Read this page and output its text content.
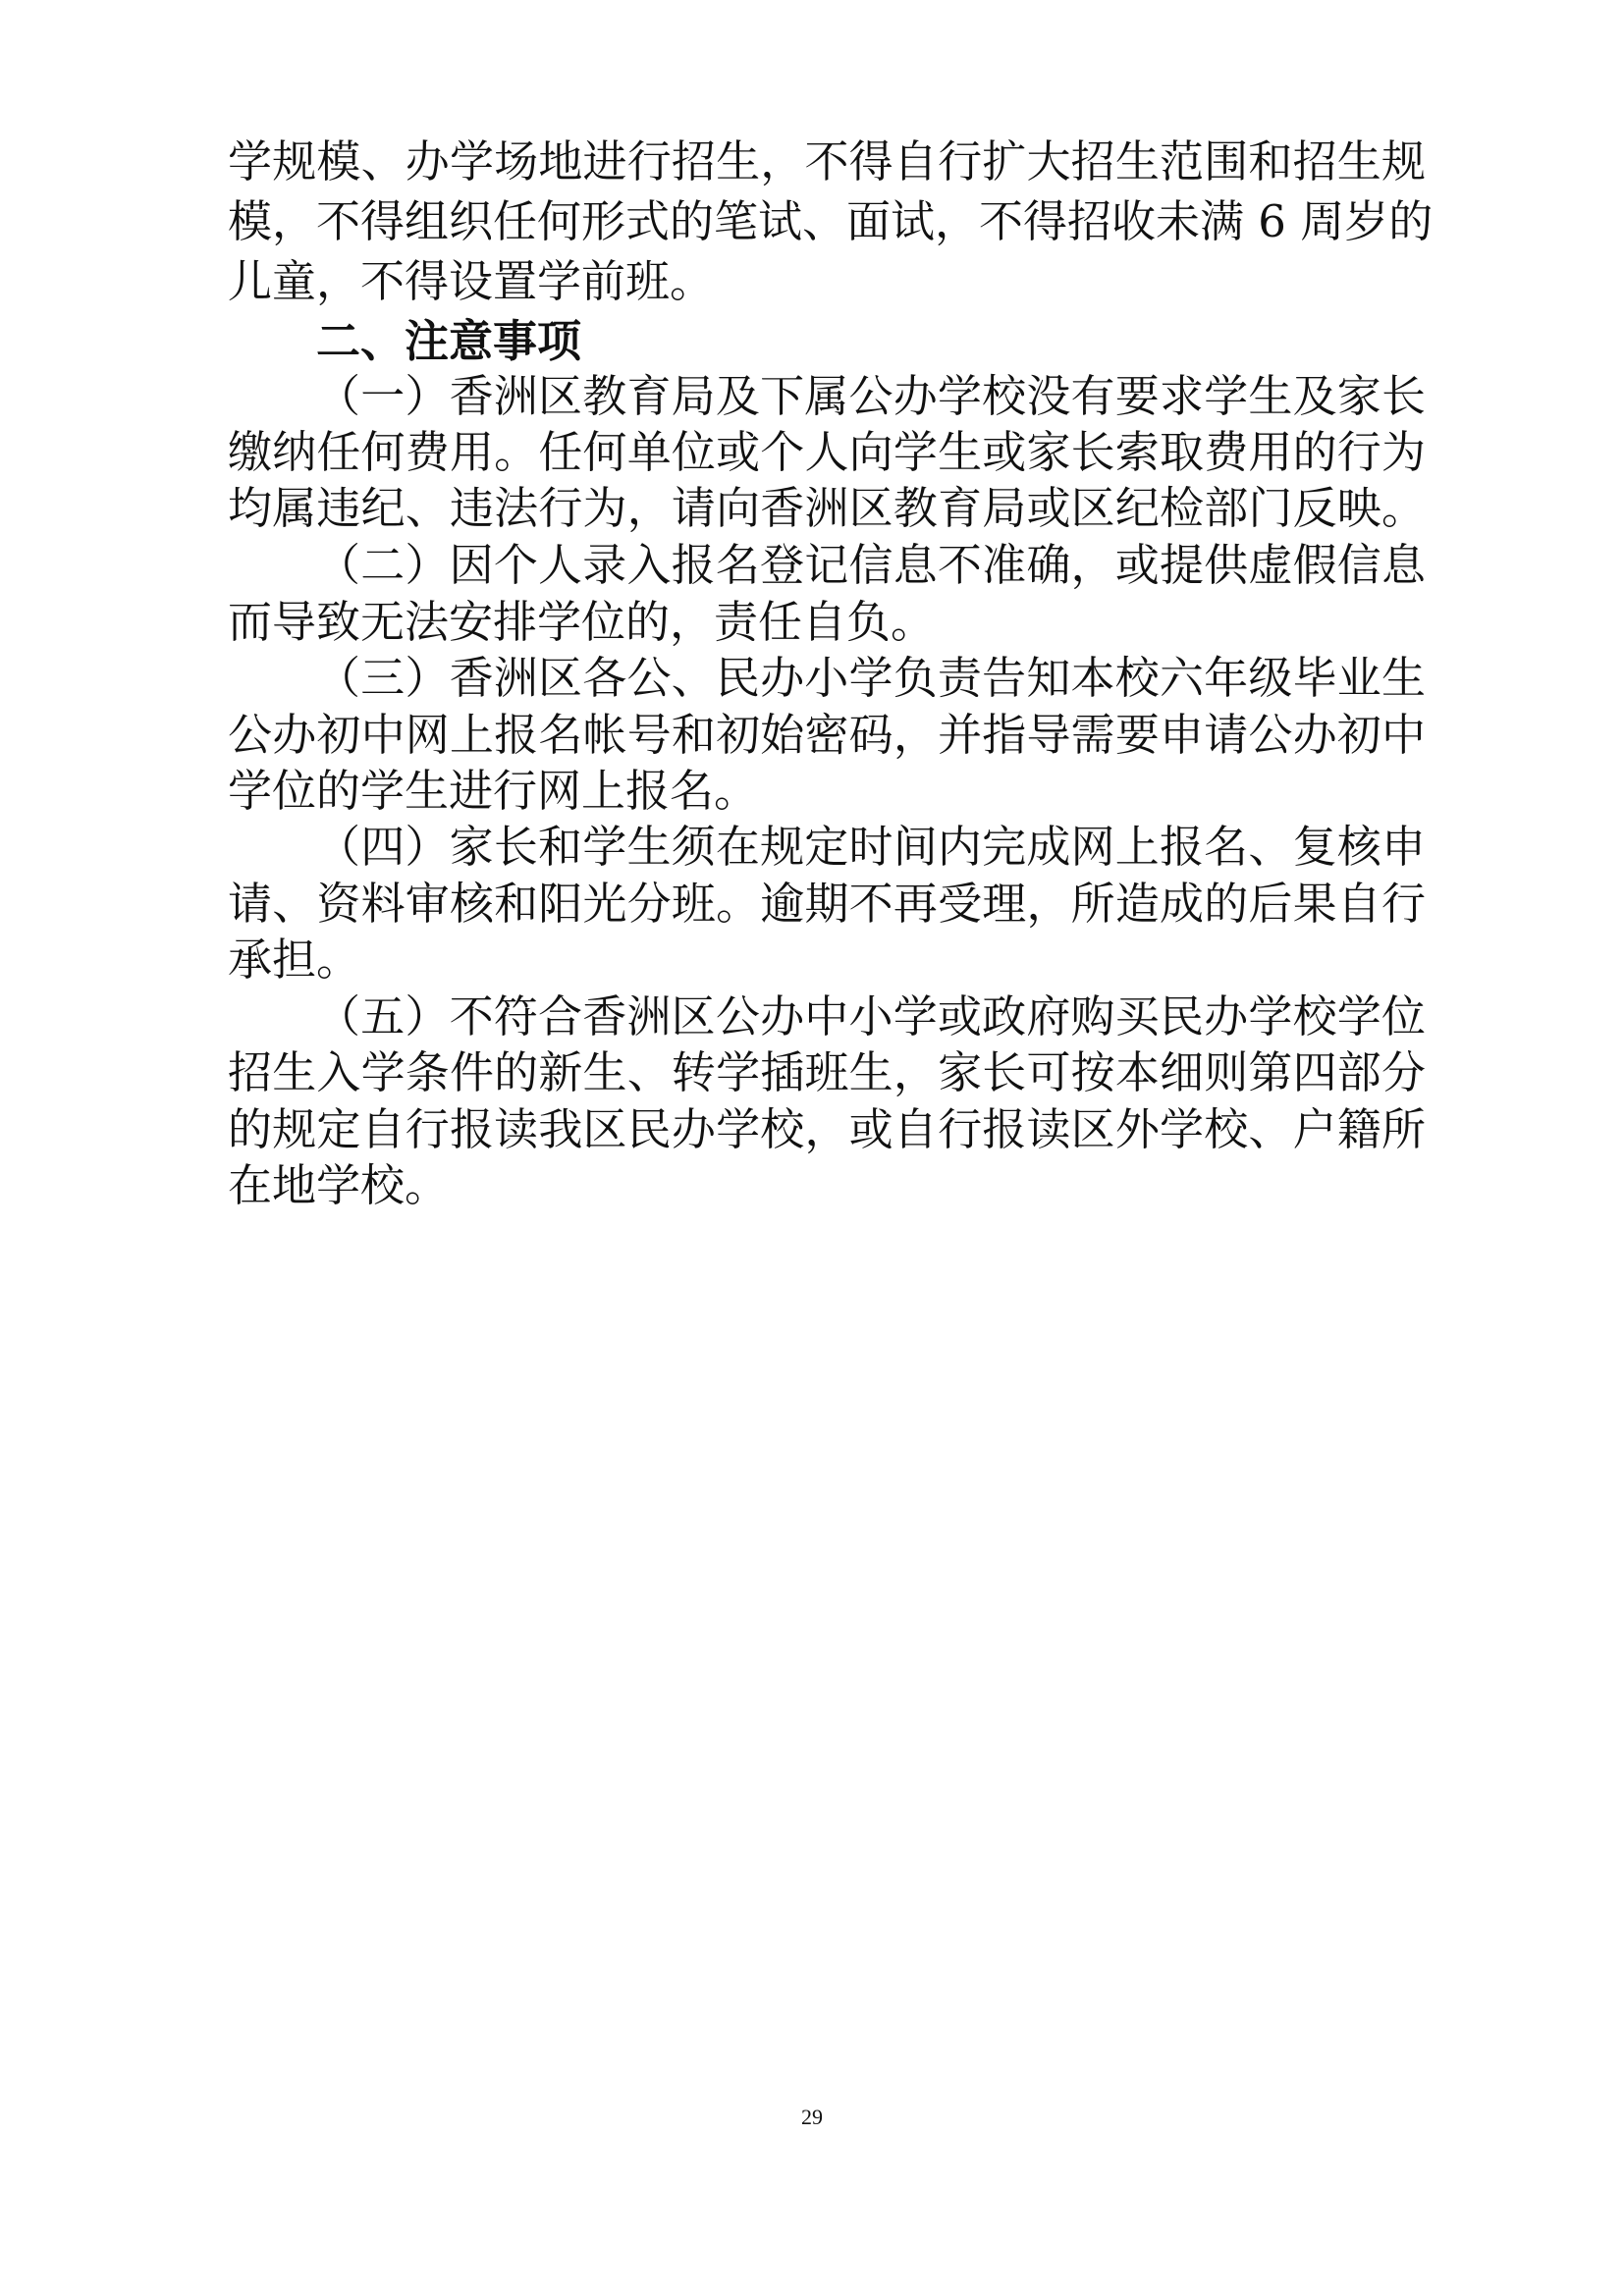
学规模、办学场地进行招生，不得自行扩大招生范围和招生规
模，不得组织任何形式的笔试、面试，不得招收未满 6 周岁的
儿童，不得设置学前班。
二、注意事项
（一）香洲区教育局及下属公办学校没有要求学生及家长
缴纳任何费用。任何单位或个人向学生或家长索取费用的行为
均属违纪、违法行为，请向香洲区教育局或区纪检部门反映。
（二）因个人录入报名登记信息不准确，或提供虚假信息
而导致无法安排学位的，责任自负。
（三）香洲区各公、民办小学负责告知本校六年级毕业生
公办初中网上报名帐号和初始密码，并指导需要申请公办初中
学位的学生进行网上报名。
（四）家长和学生须在规定时间内完成网上报名、复核申
请、资料审核和阳光分班。逾期不再受理，所造成的后果自行
承担。
（五）不符合香洲区公办中小学或政府购买民办学校学位
招生入学条件的新生、转学插班生，家长可按本细则第四部分
的规定自行报读我区民办学校，或自行报读区外学校、户籍所
在地学校。
29
